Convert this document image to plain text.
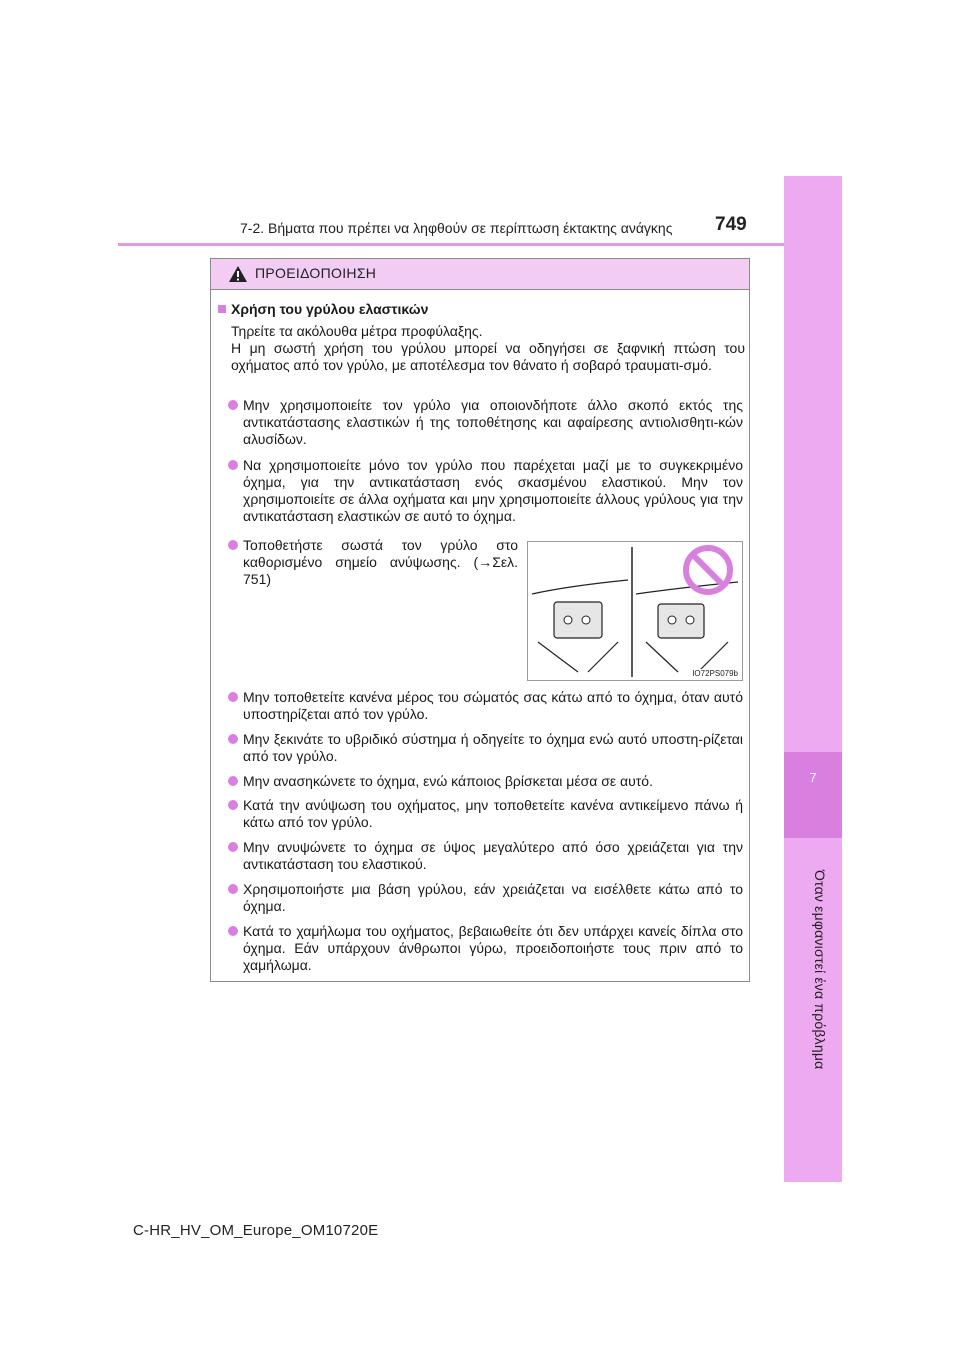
7
Όταν εμφανιστεί ένα πρόβλημα
7-2. Βήματα που πρέπει να ληφθούν σε περίπτωση έκτακτης ανάγκης 749
ΠΡΟΕΙΔΟΠΟΙΗΣΗ
Χρήση του γρύλου ελαστικών
Τηρείτε τα ακόλουθα μέτρα προφύλαξης.
Η μη σωστή χρήση του γρύλου μπορεί να οδηγήσει σε ξαφνική πτώση του οχήματος από τον γρύλο, με αποτέλεσμα τον θάνατο ή σοβαρό τραυματι-σμό.
Μην χρησιμοποιείτε τον γρύλο για οποιονδήποτε άλλο σκοπό εκτός της αντικατάστασης ελαστικών ή της τοποθέτησης και αφαίρεσης αντιολισθητι-κών αλυσίδων.
Να χρησιμοποιείτε μόνο τον γρύλο που παρέχεται μαζί με το συγκεκριμένο όχημα, για την αντικατάσταση ενός σκασμένου ελαστικού. Μην τον χρησιμοποιείτε σε άλλα οχήματα και μην χρησιμοποιείτε άλλους γρύλους για την αντικατάσταση ελαστικών σε αυτό το όχημα.
Τοποθετήστε σωστά τον γρύλο στο καθορισμένο σημείο ανύψωσης. (→Σελ. 751)
IO72PS079b
Μην τοποθετείτε κανένα μέρος του σώματός σας κάτω από το όχημα, όταν αυτό υποστηρίζεται από τον γρύλο.
Μην ξεκινάτε το υβριδικό σύστημα ή οδηγείτε το όχημα ενώ αυτό υποστη-ρίζεται από τον γρύλο.
Μην ανασηκώνετε το όχημα, ενώ κάποιος βρίσκεται μέσα σε αυτό.
Κατά την ανύψωση του οχήματος, μην τοποθετείτε κανένα αντικείμενο πάνω ή κάτω από τον γρύλο.
Μην ανυψώνετε το όχημα σε ύψος μεγαλύτερο από όσο χρειάζεται για την αντικατάσταση του ελαστικού.
Χρησιμοποιήστε μια βάση γρύλου, εάν χρειάζεται να εισέλθετε κάτω από το όχημα.
Κατά το χαμήλωμα του οχήματος, βεβαιωθείτε ότι δεν υπάρχει κανείς δίπλα στο όχημα. Εάν υπάρχουν άνθρωποι γύρω, προειδοποιήστε τους πριν από το χαμήλωμα.
C-HR_HV_OM_Europe_OM10720E
